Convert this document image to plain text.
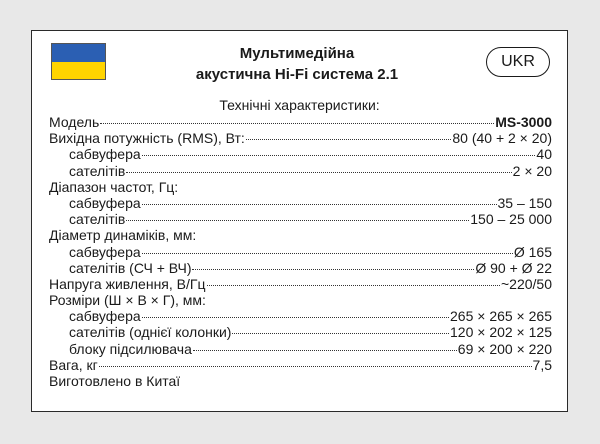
Мультимедійна
акустична Hi-Fi система 2.1
UKR
Технічні характеристики:
Модель	MS-3000
Вихідна потужність (RMS), Вт:	80 (40 + 2 × 20)
сабвуфера	40
сателітів	2 × 20
Діапазон частот, Гц:
сабвуфера	35 – 150
сателітів	150 – 25 000
Діаметр динаміків, мм:
сабвуфера	Ø 165
сателітів (СЧ + ВЧ)	Ø 90 + Ø 22
Напруга живлення, В/Гц	~220/50
Розміри (Ш × В × Г), мм:
сабвуфера	265 × 265 × 265
сателітів (однієї колонки)	120 × 202 × 125
блоку підсилювача	69 × 200 × 220
Вага, кг	7,5
Виготовлено в Китаї
